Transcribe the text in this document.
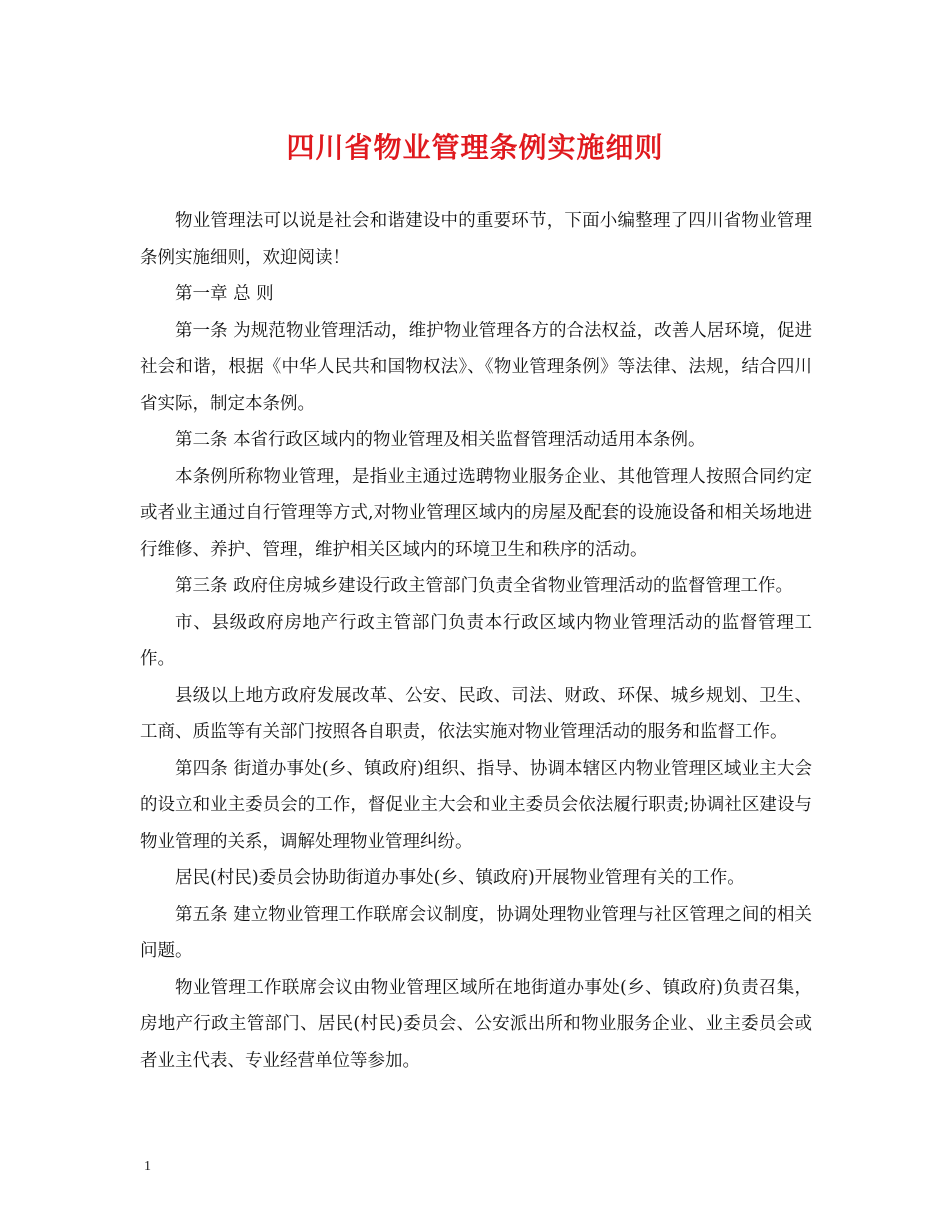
四川省物业管理条例实施细则

物业管理法可以说是社会和谐建设中的重要环节，下面小编整理了四川省物业管理条例实施细则，欢迎阅读！

第一章 总 则

第一条 为规范物业管理活动，维护物业管理各方的合法权益，改善人居环境，促进社会和谐，根据《中华人民共和国物权法》、《物业管理条例》等法律、法规，结合四川省实际，制定本条例。

第二条 本省行政区域内的物业管理及相关监督管理活动适用本条例。

本条例所称物业管理，是指业主通过选聘物业服务企业、其他管理人按照合同约定或者业主通过自行管理等方式,对物业管理区域内的房屋及配套的设施设备和相关场地进行维修、养护、管理，维护相关区域内的环境卫生和秩序的活动。

第三条 政府住房城乡建设行政主管部门负责全省物业管理活动的监督管理工作。

市、县级政府房地产行政主管部门负责本行政区域内物业管理活动的监督管理工作。

县级以上地方政府发展改革、公安、民政、司法、财政、环保、城乡规划、卫生、工商、质监等有关部门按照各自职责，依法实施对物业管理活动的服务和监督工作。

第四条 街道办事处(乡、镇政府)组织、指导、协调本辖区内物业管理区域业主大会的设立和业主委员会的工作，督促业主大会和业主委员会依法履行职责;协调社区建设与物业管理的关系，调解处理物业管理纠纷。

居民(村民)委员会协助街道办事处(乡、镇政府)开展物业管理有关的工作。

第五条 建立物业管理工作联席会议制度，协调处理物业管理与社区管理之间的相关问题。

物业管理工作联席会议由物业管理区域所在地街道办事处(乡、镇政府)负责召集，房地产行政主管部门、居民(村民)委员会、公安派出所和物业服务企业、业主委员会或者业主代表、专业经营单位等参加。

1
